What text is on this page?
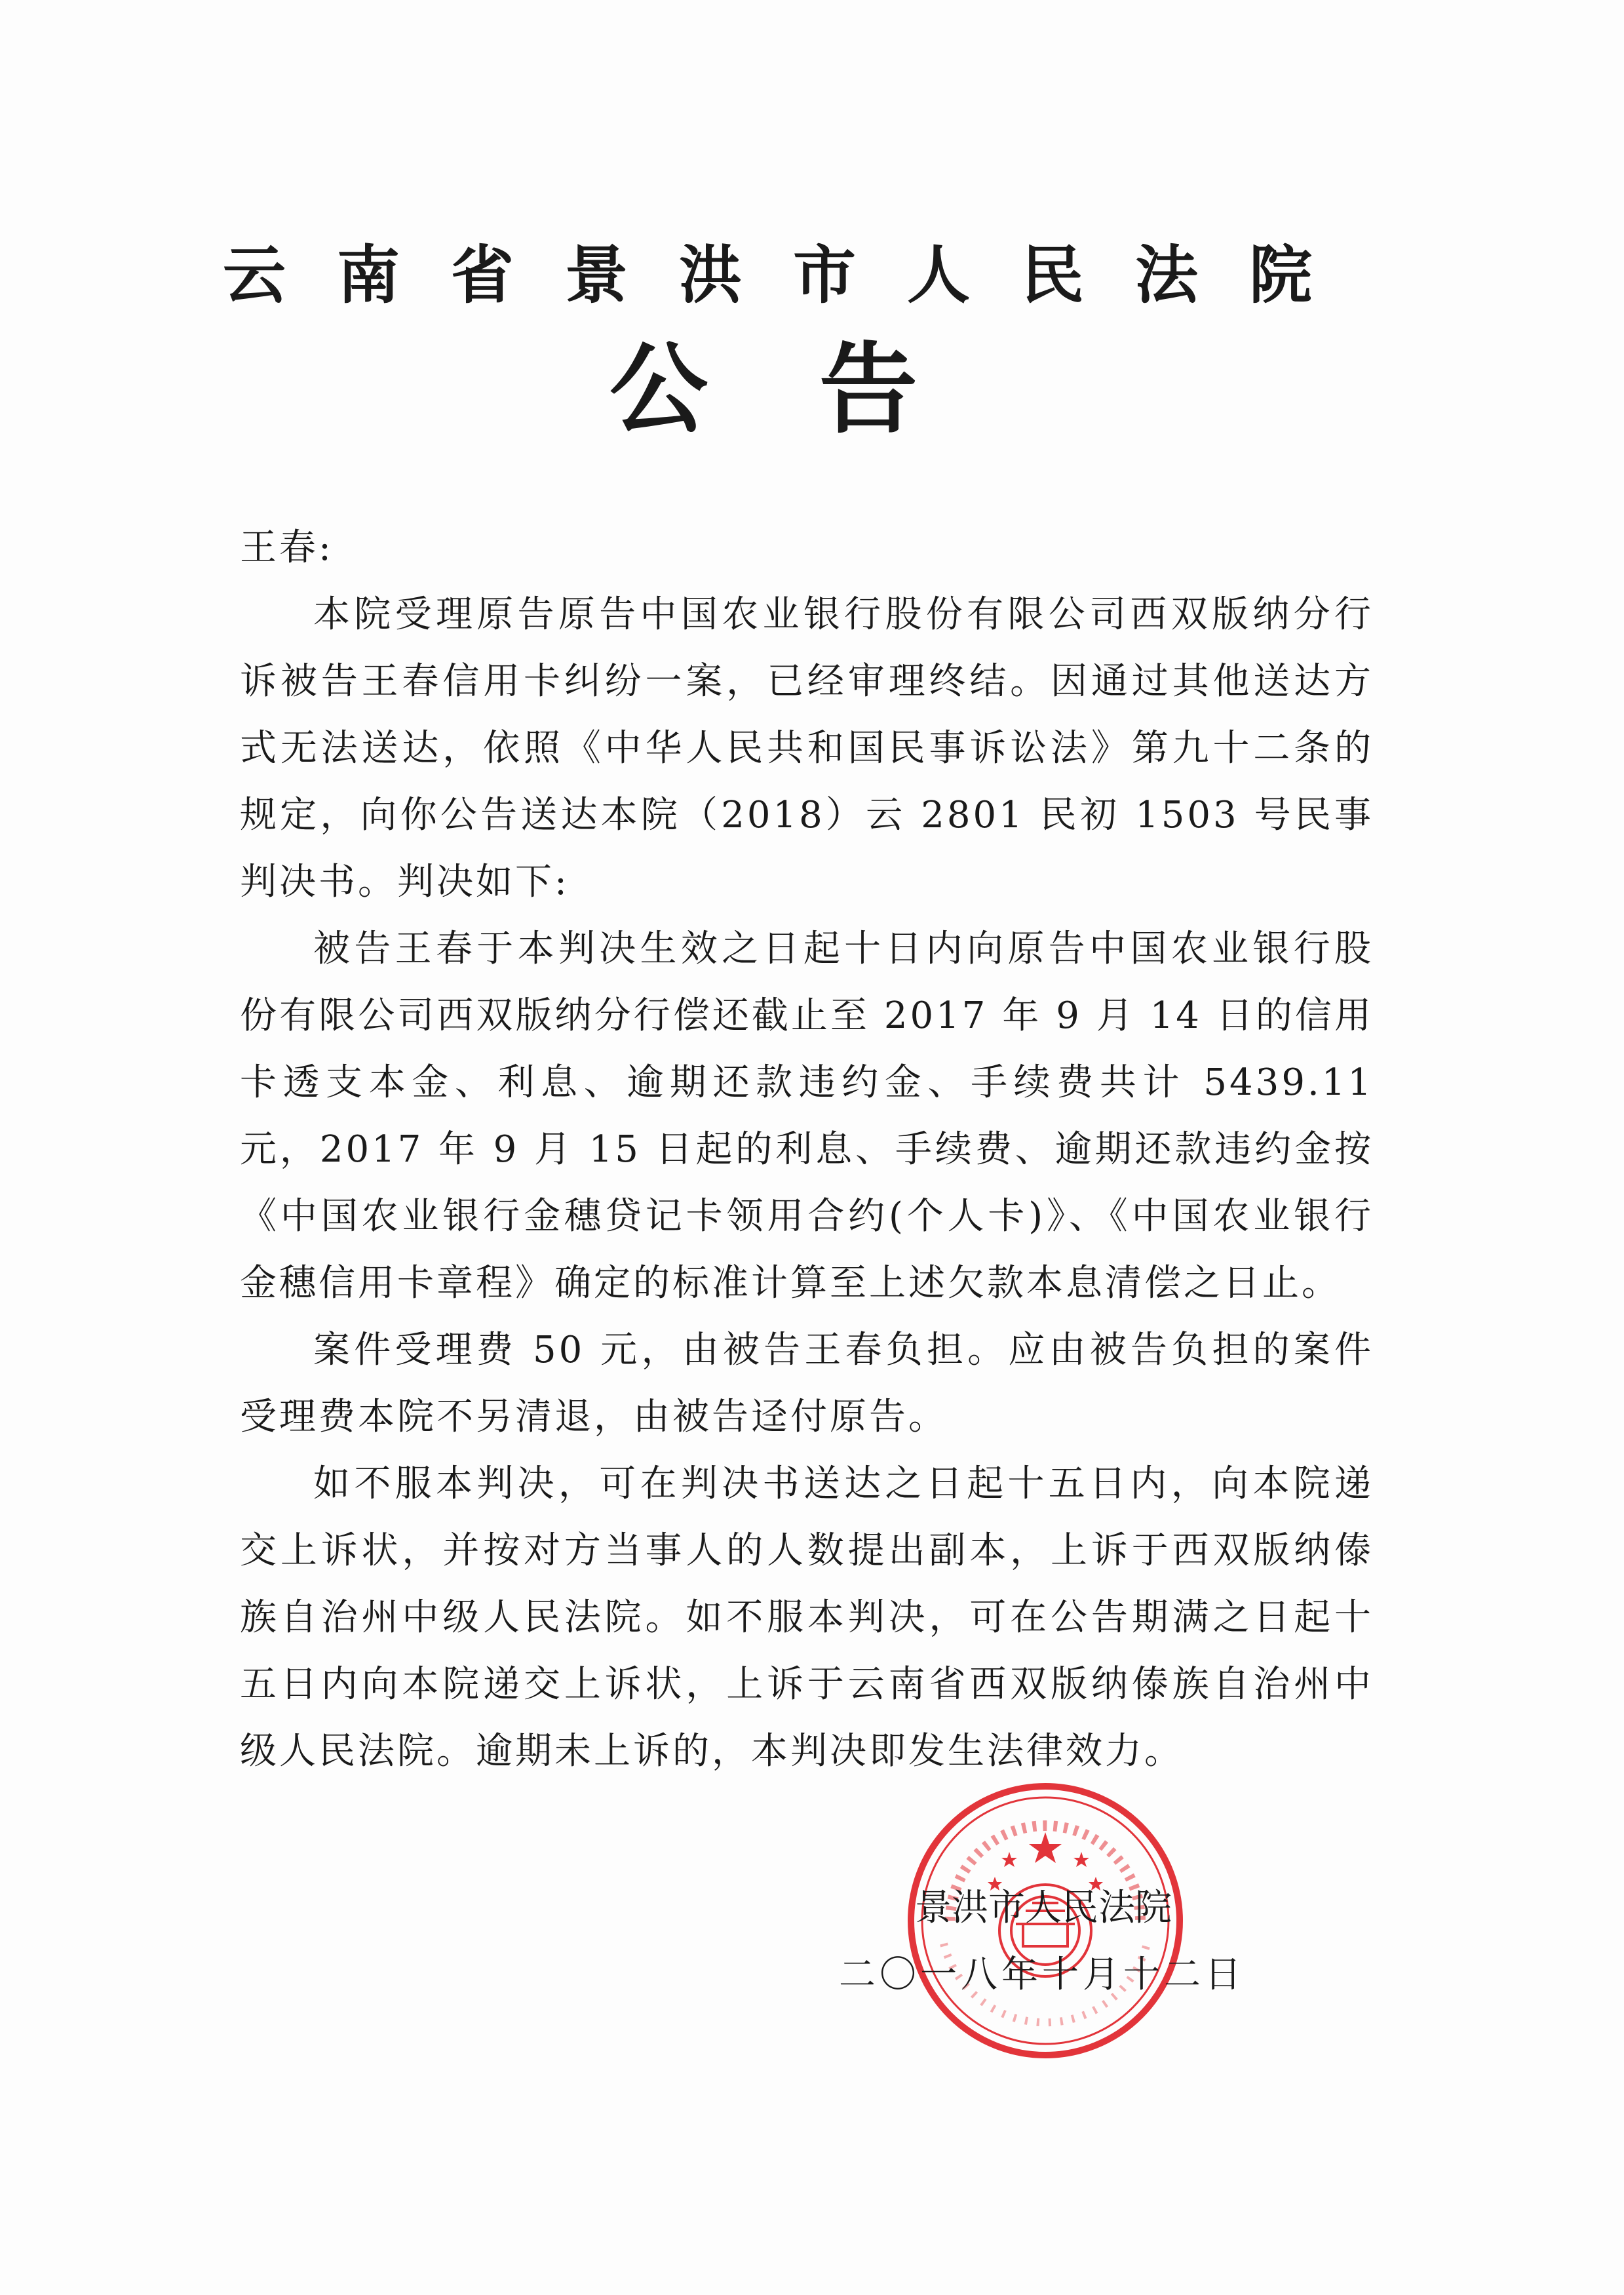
云南省景洪市人民法院
公告

王春:

本院受理原告原告中国农业银行股份有限公司西双版纳分行诉被告王春信用卡纠纷一案，已经审理终结。因通过其他送达方式无法送达，依照《中华人民共和国民事诉讼法》第九十二条的规定，向你公告送达本院（2018）云 2801 民初 1503 号民事判决书。判决如下:

被告王春于本判决生效之日起十日内向原告中国农业银行股份有限公司西双版纳分行偿还截止至 2017 年 9 月 14 日的信用卡透支本金、利息、逾期还款违约金、手续费共计 5439.11 元，2017 年 9 月 15 日起的利息、手续费、逾期还款违约金按《中国农业银行金穗贷记卡领用合约(个人卡)》、《中国农业银行金穗信用卡章程》确定的标准计算至上述欠款本息清偿之日止。

案件受理费 50 元，由被告王春负担。应由被告负担的案件受理费本院不另清退，由被告迳付原告。

如不服本判决，可在判决书送达之日起十五日内，向本院递交上诉状，并按对方当事人的人数提出副本，上诉于西双版纳傣族自治州中级人民法院。如不服本判决，可在公告期满之日起十五日内向本院递交上诉状，上诉于云南省西双版纳傣族自治州中级人民法院。逾期未上诉的，本判决即发生法律效力。

景洪市人民法院
二〇一八年十月十二日
